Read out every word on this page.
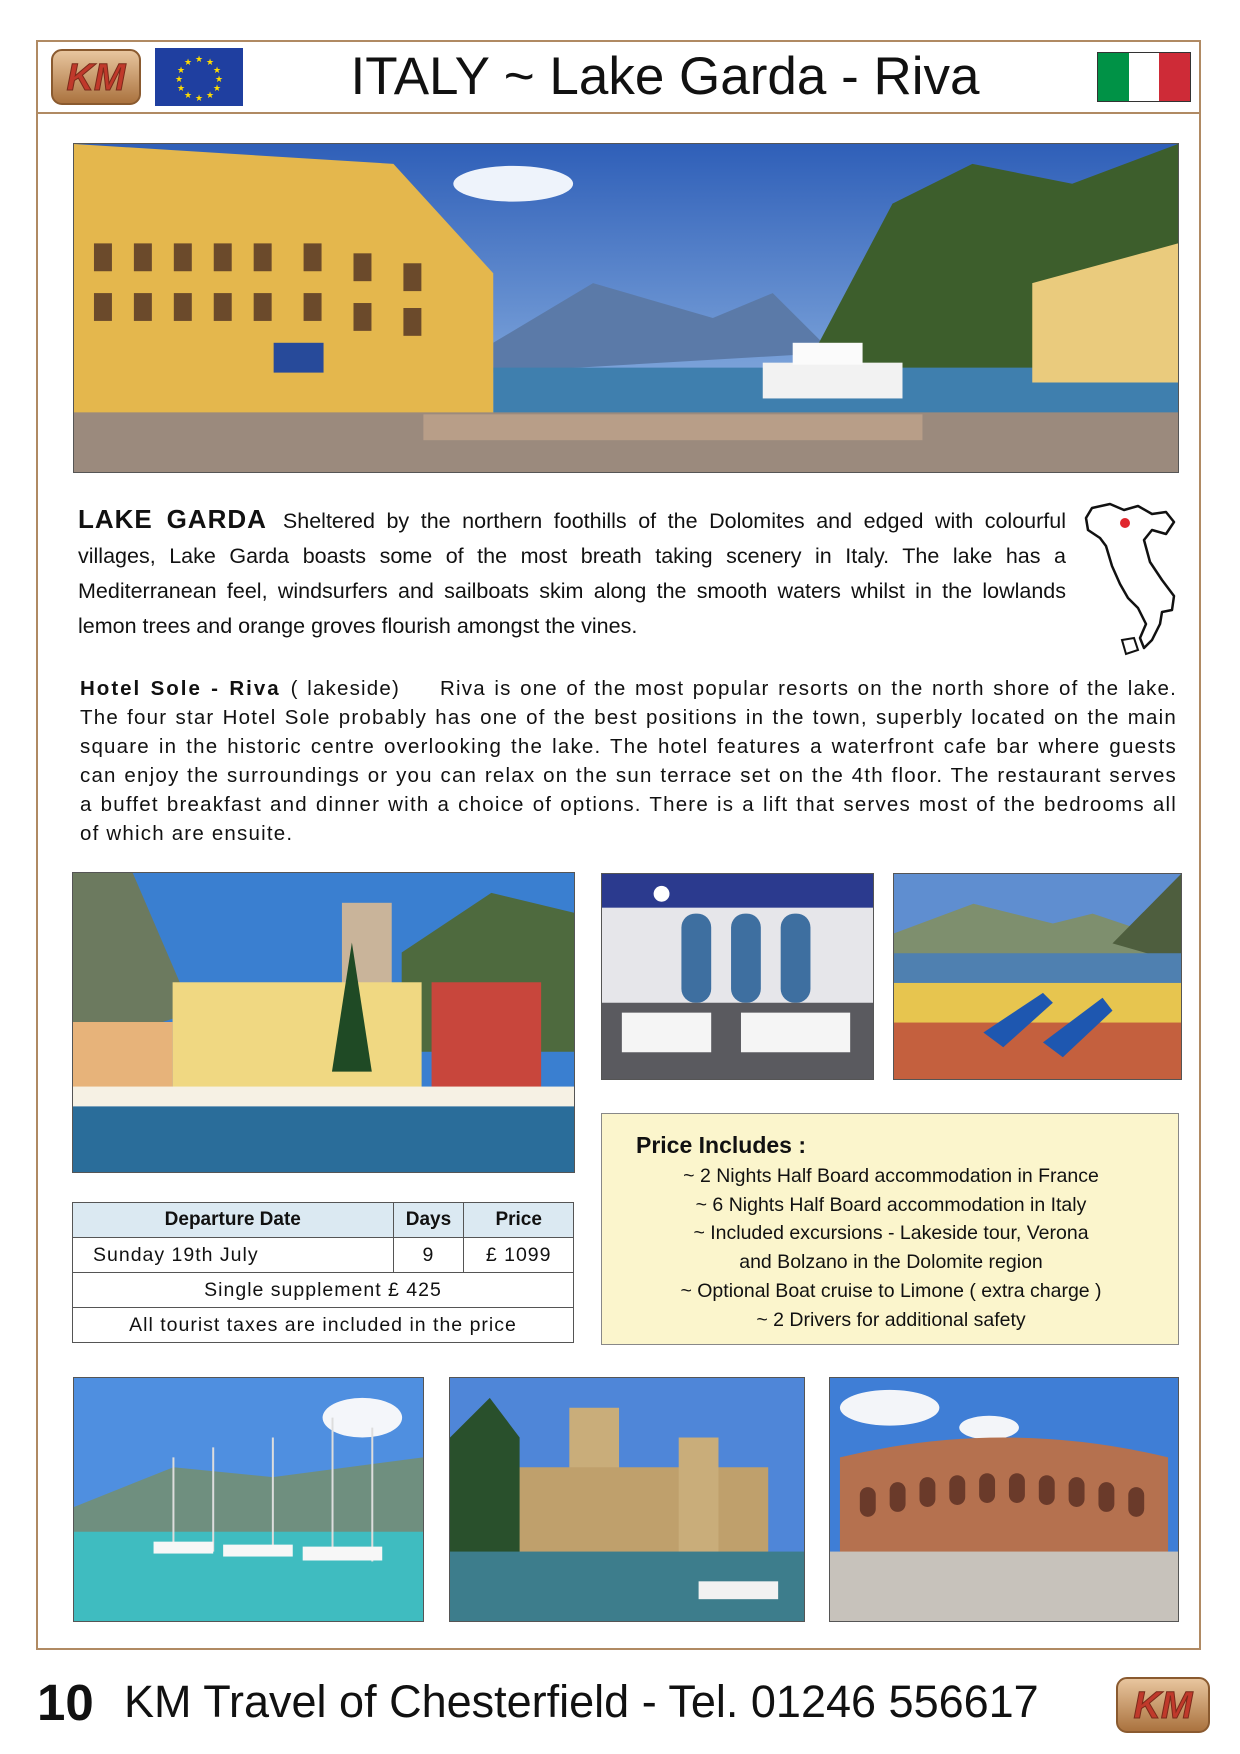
KM	★ ★
★
★
★
★
★
★
★
★
★
★	ITALY ~ Lake Garda - Riva
LAKE GARDA Sheltered by the northern foothills of the Dolomites and edged with colourful villages, Lake Garda boasts some of the most breath taking scenery in Italy. The lake has a Mediterranean feel, windsurfers and sailboats skim along the smooth waters whilst in the lowlands lemon trees and orange groves flourish amongst the vines.
Hotel Sole - Riva ( lakeside) Riva is one of the most popular resorts on the north shore of the lake. The four star Hotel Sole probably has one of the best positions in the town, superbly located on the main square in the historic centre overlooking the lake. The hotel features a waterfront cafe bar where guests can enjoy the surroundings or you can relax on the sun terrace set on the 4th floor. The restaurant serves a buffet breakfast and dinner with a choice of options. There is a lift that serves most of the bedrooms all of which are ensuite.
Departure Date	Days	Price
Sunday 19th July	9	£ 1099
Single supplement £ 425		
All tourist taxes are included in the price		
Price Includes :
~ 2 Nights Half Board accommodation in France
~ 6 Nights Half Board accommodation in Italy
~ Included excursions - Lakeside tour, Verona
and Bolzano in the Dolomite region
~ Optional Boat cruise to Limone ( extra charge )
~ 2 Drivers for additional safety
10 KM Travel of Chesterfield - Tel. 01246 556617 KM
